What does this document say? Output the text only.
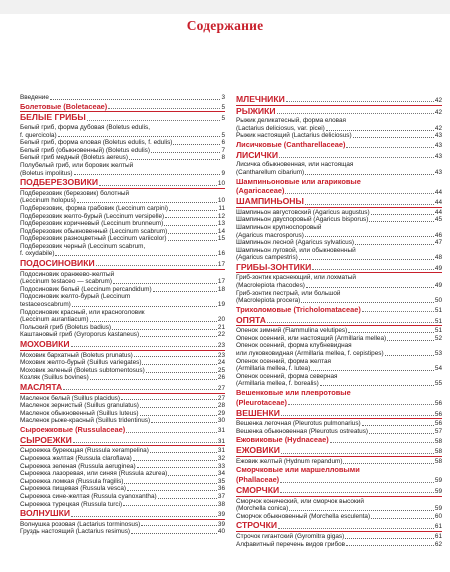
Содержание
Введение	3
Болетовые (Boletaceae)	5
БЕЛЫЕ ГРИБЫ	5
Белый гриб, форма дубовая (Boletus edulis,
f. quercicola)	5
Белый гриб, форма еловая (Boletus edulis, f. edulis)	6
Белый гриб (обыкновенный) (Boletus edulis)	7
Белый гриб медный (Boletus aereus)	8
Полубелый гриб, или боровик желтый
(Boletus impolitus)	9
ПОДБЕРЕЗОВИКИ	10
Подберезовик (березовик) болотный
(Leccinum holopus)	10
Подберезовик, форма грабовик (Leccinum carpini)	11
Подберезовик желто-бурый (Leccinum versipelle)	12
Подберезовик коричневый (Leccinum brunneum)	13
Подберезовик обыкновенный (Leccinum scabrum)	14
Подберезовик разноцветный (Leccinum variicolor)	15
Подберезовик черный (Leccinum scabrum,
f. oxydabile)	16
ПОДОСИНОВИКИ	17
Подосиновик оранжево-желтый
(Leccinum testaceo — scabrum)	17
Подосиновик белый (Leccinum percandidum)	18
Подосиновик желто-бурый (Leccinum
testaceoscabrum)	19
Подосиновик красный, или красноголовик
(Leccinum aurantiacum)	20
Польский гриб (Boletus badius)	21
Каштановый гриб (Gyroporus kastaneus)	22
МОХОВИКИ	23
Моховик бархатный (Boletus prunatus)	23
Моховик желто-бурый (Suillus variegates)	24
Моховик зеленый (Boletus subtomentosus)	25
Козляк (Suillus bovines)	26
МАСЛЯТА	27
Масленок белый (Suillus placidus)	27
Масленок зернистый (Suillus granulatus)	28
Масленок обыкновенный (Suillus luteus)	29
Масленок рыже-красный (Suillus tridentinus)	30
Сыроежковые (Russulaceae)	31
СЫРОЕЖКИ	31
Сыроежка буреющая (Russula xerampelina)	31
Сыроежка желтая (Russula claroflava)	32
Сыроежка зеленая (Russula aeruginea)	33
Сыроежка лазоревая, или синяя (Russula azurea)	34
Сыроежка ломкая (Russula fragilis)	35
Сыроежка пищевая (Russula vesca)	36
Сыроежка сине-желтая (Russula cyanoxantha)	37
Сыроежка турецкая (Russula turci)	38
ВОЛНУШКИ	39
Волнушка розовая (Lactarius torminosus)	39
Груздь настоящий (Lactarius resimus)	40
МЛЕЧНИКИ	42
РЫЖИКИ	42
Рыжик деликатесный, форма еловая
(Lactarius deliciosus, var. picei)	42
Рыжик настоящий (Lactarius deliciosus)	43
Лисичковые (Cantharellaceae)	43
ЛИСИЧКИ	43
Лисичка обыкновенная, или настоящая
(Cantharellum cibarium)	43
Шампиньоновые или агариковые
(Agaricaceae)	44
ШАМПИНЬОНЫ	44
Шампиньон августовский (Agaricus augustus)	44
Шампиньон двуспоровый (Agaricus bisporus)	45
Шампиньон крупноспоровый
(Agaricus macrosporus)	46
Шампиньон лесной (Agaricus sylvaticus)	47
Шампиньон луговой, или обыкновенный
(Agaricus campestris)	48
ГРИБЫ-ЗОНТИКИ	49
Гриб-зонтик краснеющий, или лохматый
(Macrolepiota rhacodes)	49
Гриб-зонтик пестрый, или большой
(Macrolepiota procera)	50
Трихоломовые (Tricholomataceae)	51
ОПЯТА	51
Опенок зимний (Flammulina velutipes)	51
Опенок осенний, или настоящий (Armillaria mellea)	52
Опенок осенний, форма клубневидная
или луковковидная (Armillaria mellea, f. cepistipes)	53
Опенок осенний, форма желтая
(Armillaria mellea, f. lutea)	54
Опенок осенний, форма северная
(Armillaria mellea, f. borealis)	55
Вешенковые или плевротовые
(Pleurotaceae)	56
ВЕШЕНКИ	56
Вешенка легочная (Pleurotus pulmonarius)	56
Вешенка обыкновенная (Pleurotus ostreatus)	57
Ежовиковые (Hydnaceae)	58
ЕЖОВИКИ	58
Ежовик желтый (Hydnum repandum)	58
Сморчковые или маршелловыми
(Phallaceae)	59
СМОРЧКИ	59
Сморчок конический, или сморчок высокий
(Morchella conica)	59
Сморчок обыкновенный (Morchella esculenta)	60
СТРОЧКИ	61
Строчок гигантский (Gyromitra gigas)	61
Алфавитный перечень видов грибов	62
